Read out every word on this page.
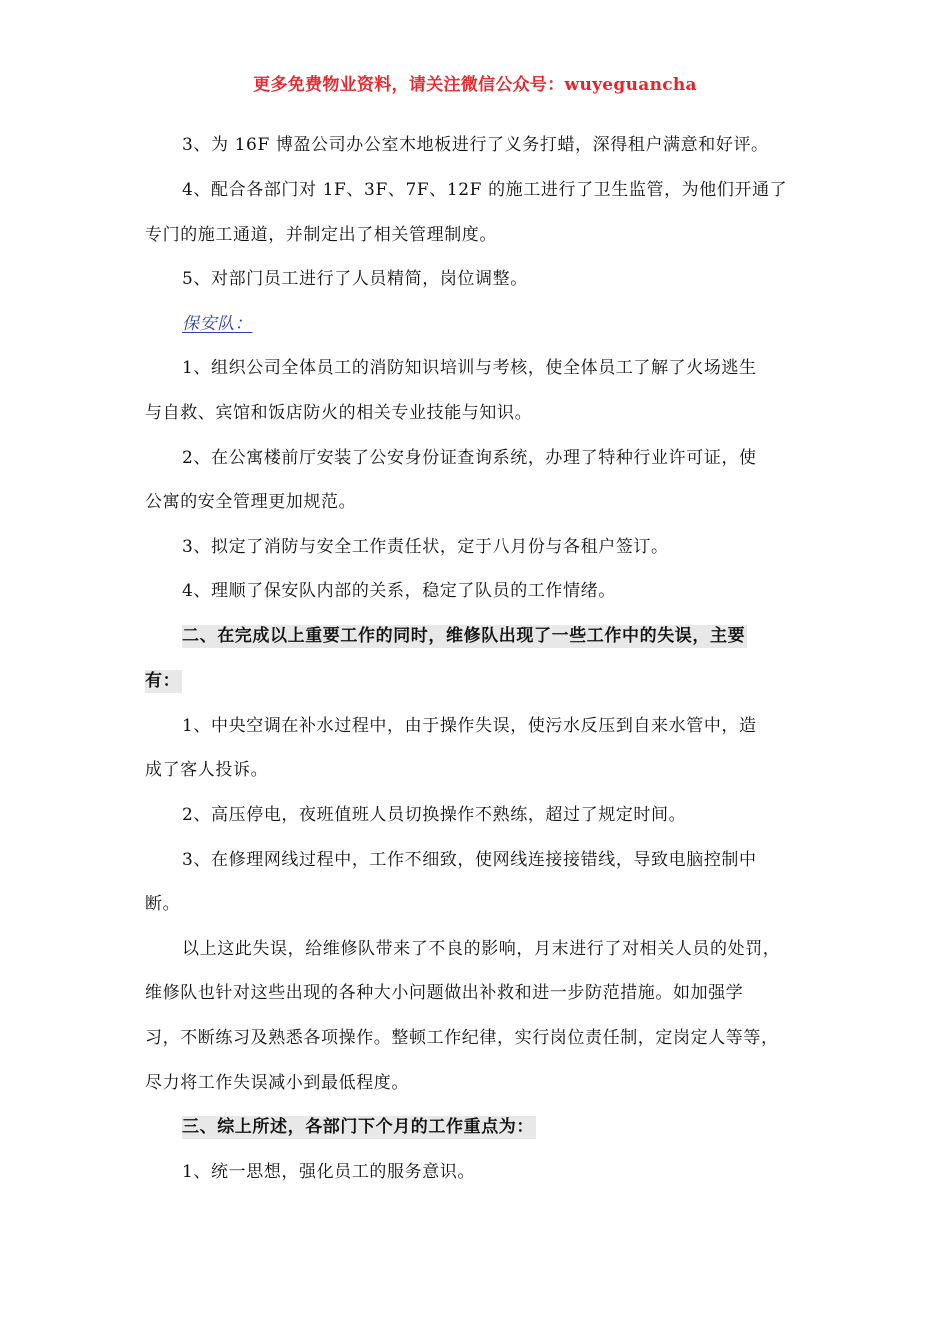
更多免费物业资料，请关注微信公众号：wuyeguancha
3、为 16F 博盈公司办公室木地板进行了义务打蜡，深得租户满意和好评。
4、配合各部门对 1F、3F、7F、12F 的施工进行了卫生监管，为他们开通了
专门的施工通道，并制定出了相关管理制度。
5、对部门员工进行了人员精简，岗位调整。
保安队：
1、组织公司全体员工的消防知识培训与考核，使全体员工了解了火场逃生
与自救、宾馆和饭店防火的相关专业技能与知识。
2、在公寓楼前厅安装了公安身份证查询系统，办理了特种行业许可证，使
公寓的安全管理更加规范。
3、拟定了消防与安全工作责任状，定于八月份与各租户签订。
4、理顺了保安队内部的关系，稳定了队员的工作情绪。
二、在完成以上重要工作的同时，维修队出现了一些工作中的失误，主要
有：
1、中央空调在补水过程中，由于操作失误，使污水反压到自来水管中，造
成了客人投诉。
2、高压停电，夜班值班人员切换操作不熟练，超过了规定时间。
3、在修理网线过程中，工作不细致，使网线连接接错线，导致电脑控制中
断。
以上这此失误，给维修队带来了不良的影响，月末进行了对相关人员的处罚，
维修队也针对这些出现的各种大小问题做出补救和进一步防范措施。如加强学
习，不断练习及熟悉各项操作。整顿工作纪律，实行岗位责任制，定岗定人等等，
尽力将工作失误减小到最低程度。
三、综上所述，各部门下个月的工作重点为：
1、统一思想，强化员工的服务意识。
